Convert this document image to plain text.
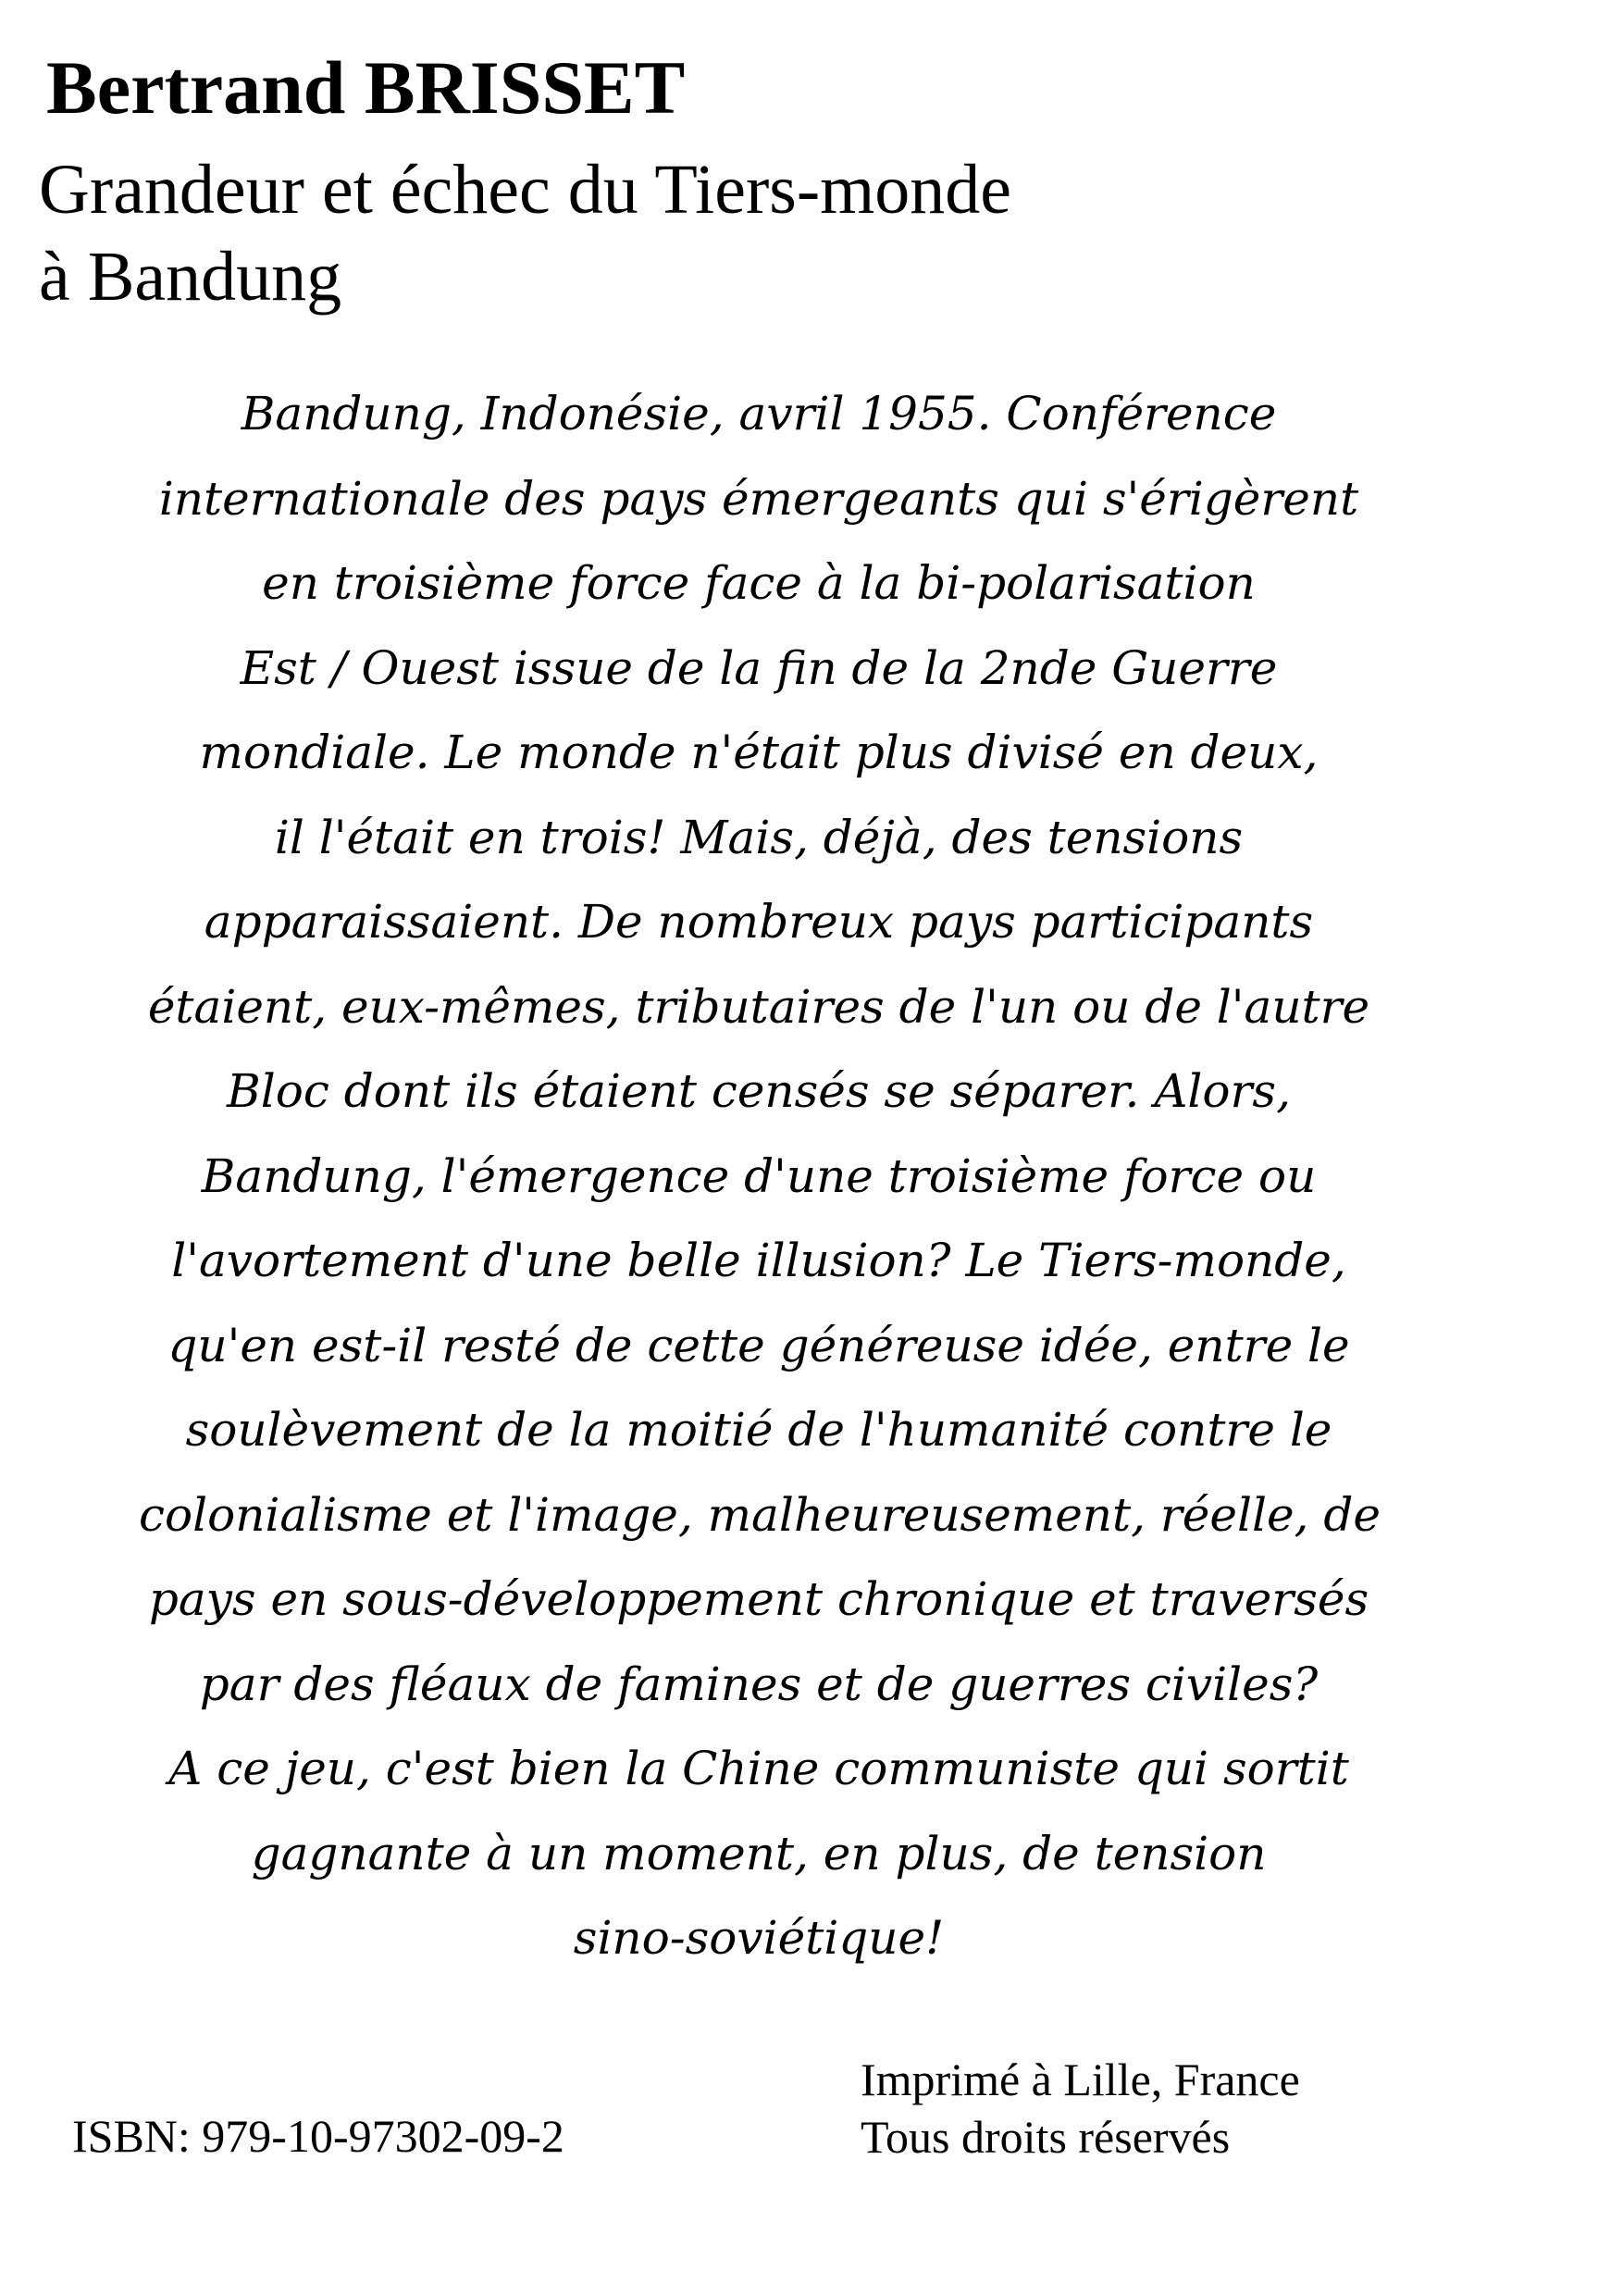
Bertrand BRISSET
Grandeur et échec du Tiers-monde
à Bandung
Bandung, Indonésie, avril 1955. Conférence
internationale des pays émergeants qui s'érigèrent
en troisième force face à la bi-polarisation
Est / Ouest issue de la fin de la 2nde Guerre
mondiale. Le monde n'était plus divisé en deux,
il l'était en trois! Mais, déjà, des tensions
apparaissaient. De nombreux pays participants
étaient, eux-mêmes, tributaires de l'un ou de l'autre
Bloc dont ils étaient censés se séparer. Alors,
Bandung, l'émergence d'une troisième force ou
l'avortement d'une belle illusion? Le Tiers-monde,
qu'en est-il resté de cette généreuse idée, entre le
soulèvement de la moitié de l'humanité contre le
colonialisme et l'image, malheureusement, réelle, de
pays en sous-développement chronique et traversés
par des fléaux de famines et de guerres civiles?
A ce jeu, c'est bien la Chine communiste qui sortit
gagnante à un moment, en plus, de tension
sino-soviétique!
Imprimé à Lille, France
Tous droits réservés
ISBN: 979-10-97302-09-2
